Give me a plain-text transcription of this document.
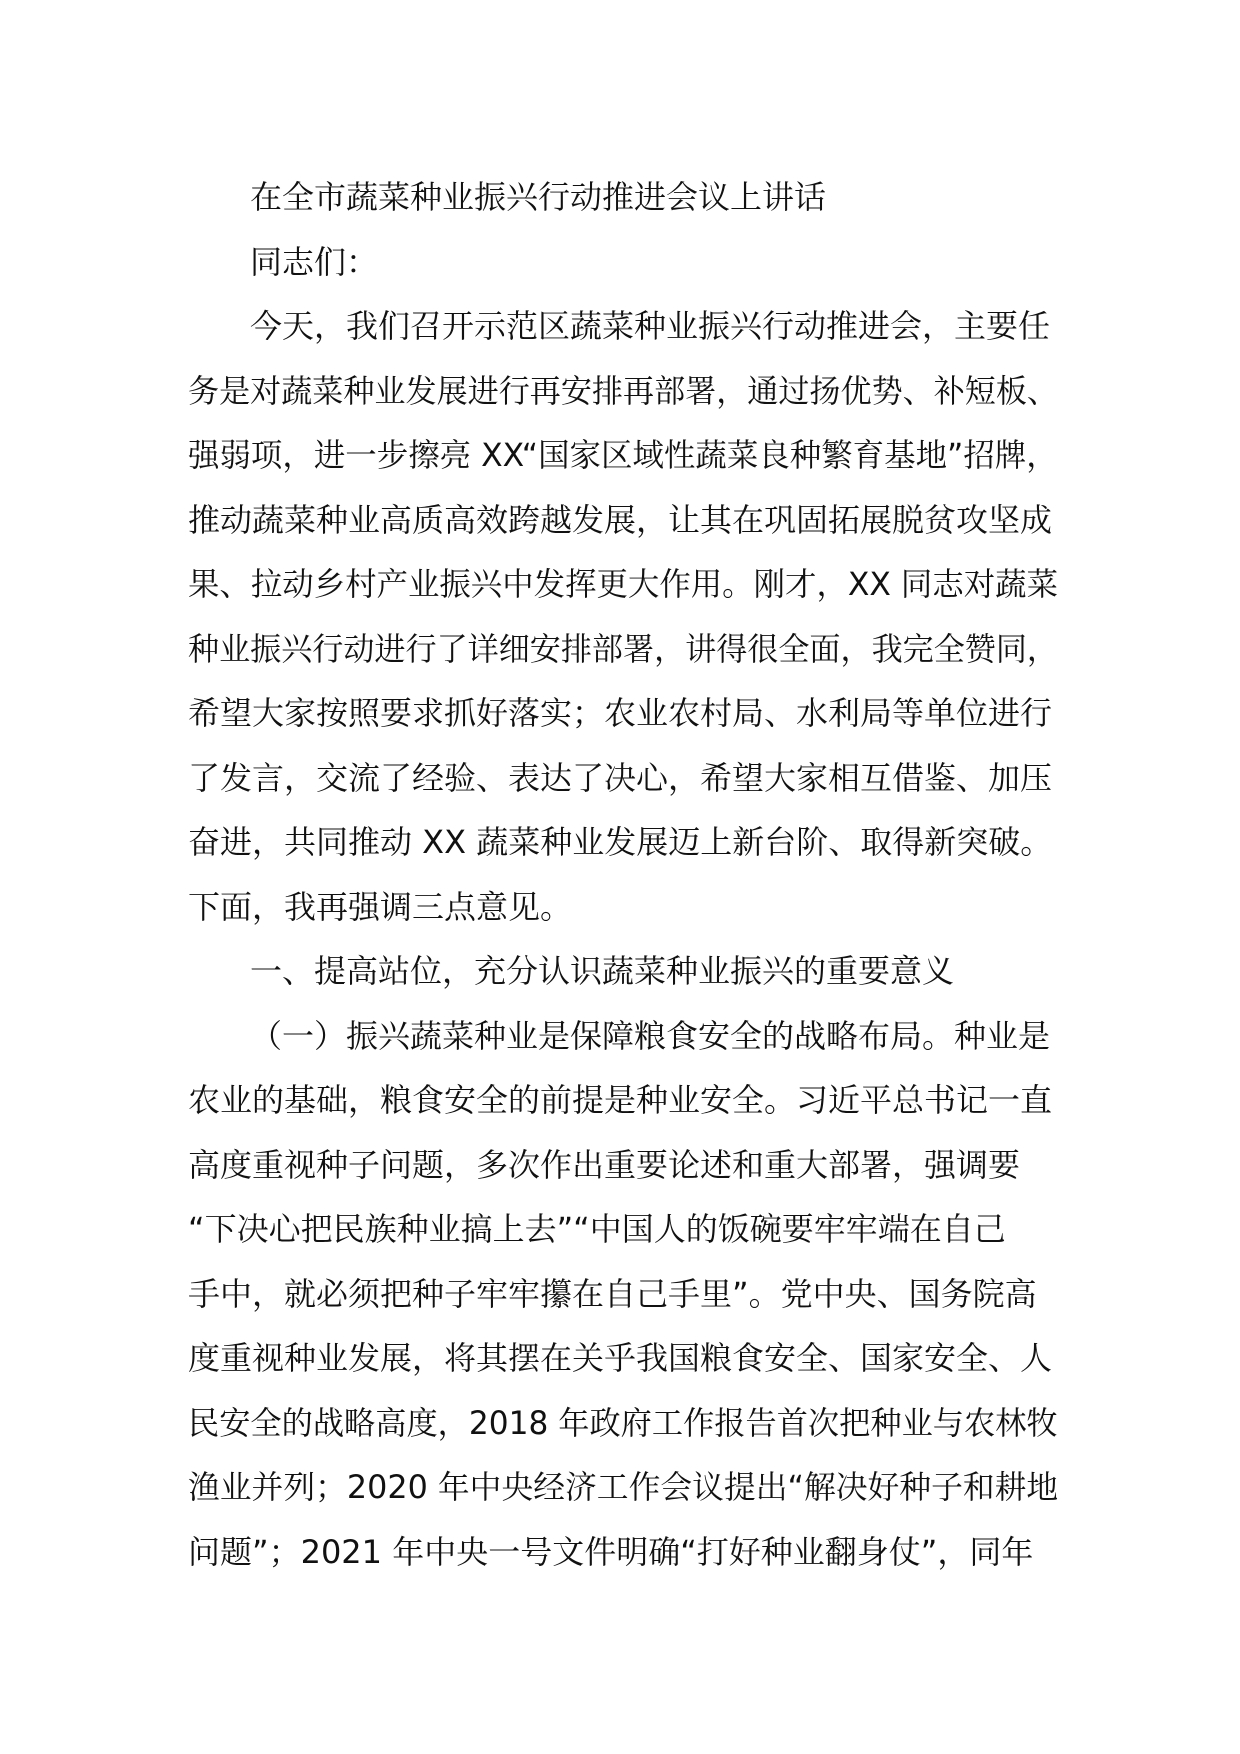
在全市蔬菜种业振兴行动推进会议上讲话
同志们：
今天，我们召开示范区蔬菜种业振兴行动推进会，主要任
务是对蔬菜种业发展进行再安排再部署，通过扬优势、补短板、
强弱项，进一步擦亮 XX“国家区域性蔬菜良种繁育基地”招牌，
推动蔬菜种业高质高效跨越发展，让其在巩固拓展脱贫攻坚成
果、拉动乡村产业振兴中发挥更大作用。刚才，XX 同志对蔬菜
种业振兴行动进行了详细安排部署，讲得很全面，我完全赞同，
希望大家按照要求抓好落实；农业农村局、水利局等单位进行
了发言，交流了经验、表达了决心，希望大家相互借鉴、加压
奋进，共同推动 XX 蔬菜种业发展迈上新台阶、取得新突破。
下面，我再强调三点意见。
一、提高站位，充分认识蔬菜种业振兴的重要意义
（一）振兴蔬菜种业是保障粮食安全的战略布局。种业是
农业的基础，粮食安全的前提是种业安全。习近平总书记一直
高度重视种子问题，多次作出重要论述和重大部署，强调要
“下决心把民族种业搞上去”“中国人的饭碗要牢牢端在自己
手中，就必须把种子牢牢攥在自己手里”。党中央、国务院高
度重视种业发展，将其摆在关乎我国粮食安全、国家安全、人
民安全的战略高度，2018 年政府工作报告首次把种业与农林牧
渔业并列；2020 年中央经济工作会议提出“解决好种子和耕地
问题”；2021 年中央一号文件明确“打好种业翻身仗”，同年
